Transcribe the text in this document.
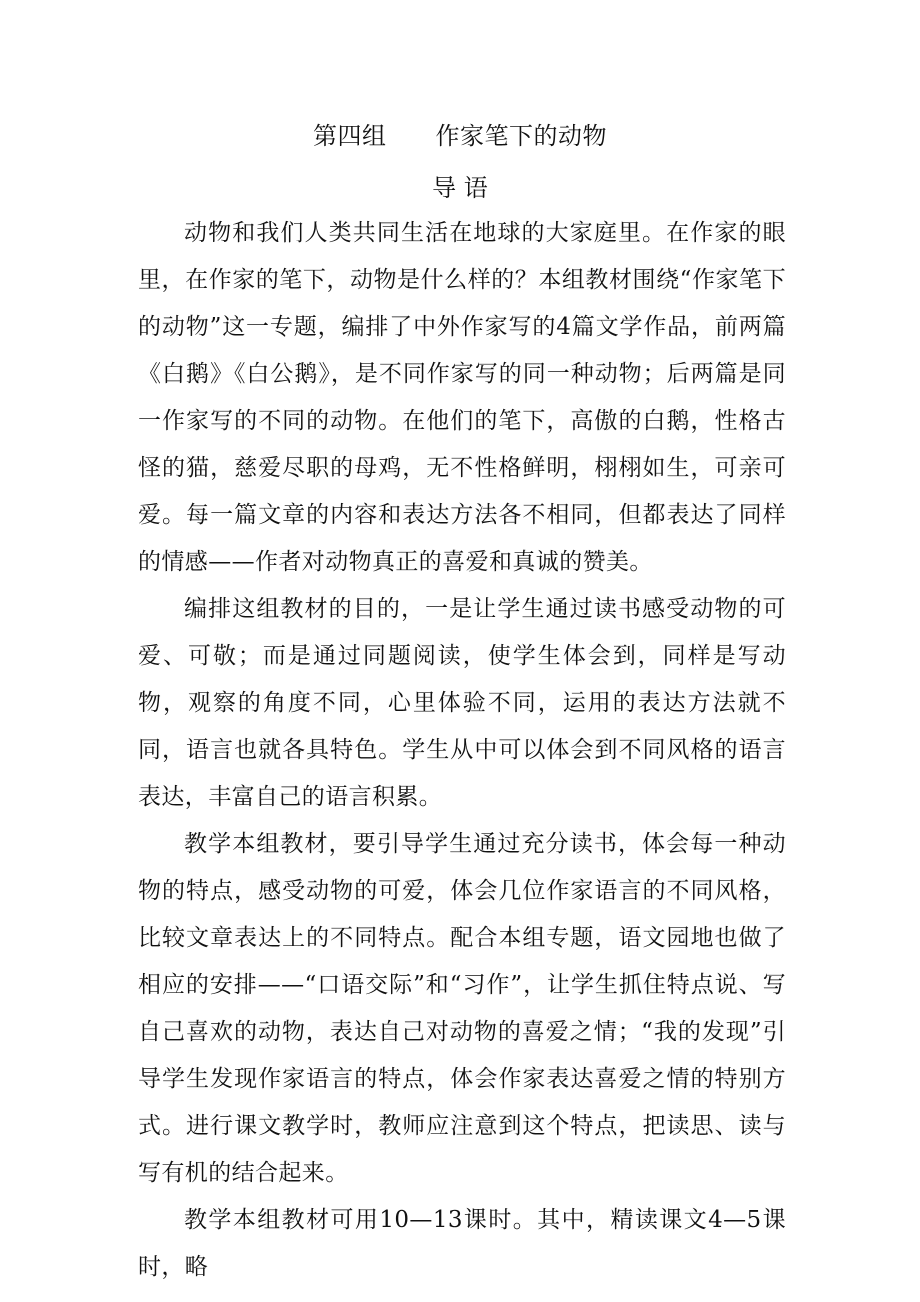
第四组　　作家笔下的动物
导 语

动物和我们人类共同生活在地球的大家庭里。在作家的眼里，在作家的笔下，动物是什么样的？本组教材围绕“作家笔下的动物”这一专题，编排了中外作家写的4篇文学作品，前两篇《白鹅》《白公鹅》，是不同作家写的同一种动物；后两篇是同一作家写的不同的动物。在他们的笔下，高傲的白鹅，性格古怪的猫，慈爱尽职的母鸡，无不性格鲜明，栩栩如生，可亲可爱。每一篇文章的内容和表达方法各不相同，但都表达了同样的情感——作者对动物真正的喜爱和真诚的赞美。

编排这组教材的目的，一是让学生通过读书感受动物的可爱、可敬；而是通过同题阅读，使学生体会到，同样是写动物，观察的角度不同，心里体验不同，运用的表达方法就不同，语言也就各具特色。学生从中可以体会到不同风格的语言表达，丰富自己的语言积累。

教学本组教材，要引导学生通过充分读书，体会每一种动物的特点，感受动物的可爱，体会几位作家语言的不同风格，比较文章表达上的不同特点。配合本组专题，语文园地也做了相应的安排——“口语交际”和“习作”，让学生抓住特点说、写自己喜欢的动物，表达自己对动物的喜爱之情；“我的发现”引导学生发现作家语言的特点，体会作家表达喜爱之情的特别方式。进行课文教学时，教师应注意到这个特点，把读思、读与写有机的结合起来。

教学本组教材可用10—13课时。其中，精读课文4—5课时，略
